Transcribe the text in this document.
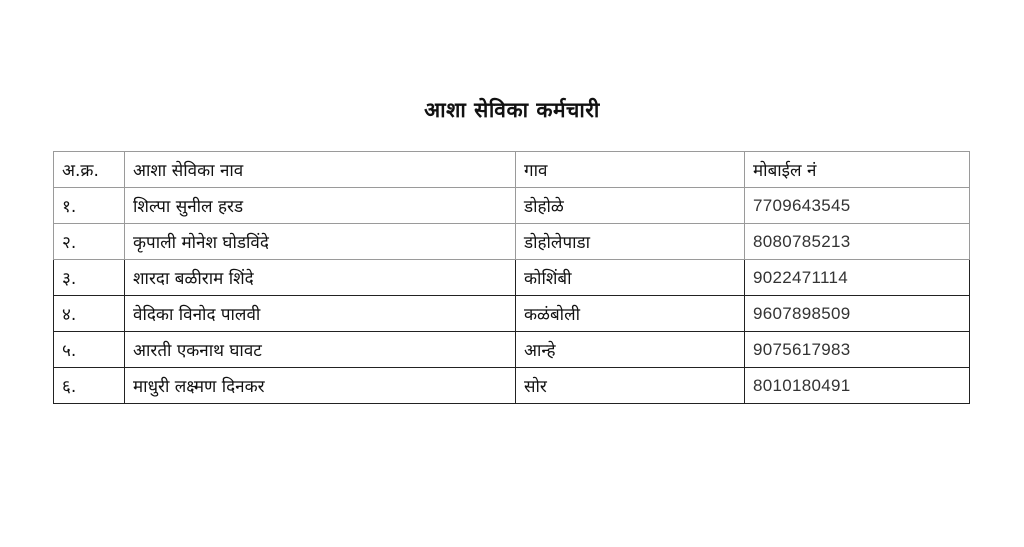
आशा सेविका कर्मचारी
अ.क्र.	आशा सेविका नाव	गाव	मोबाईल नं
१.	शिल्पा सुनील हरड	डोहोळे	7709643545
२.	कृपाली मोनेश घोडविंदे	डोहोलेपाडा	8080785213
३.	शारदा बळीराम शिंदे	कोशिंबी	9022471114
४.	वेदिका विनोद पालवी	कळंबोली	9607898509
५.	आरती एकनाथ घावट	आन्हे	9075617983
६.	माधुरी लक्ष्मण दिनकर	सोर	8010180491
